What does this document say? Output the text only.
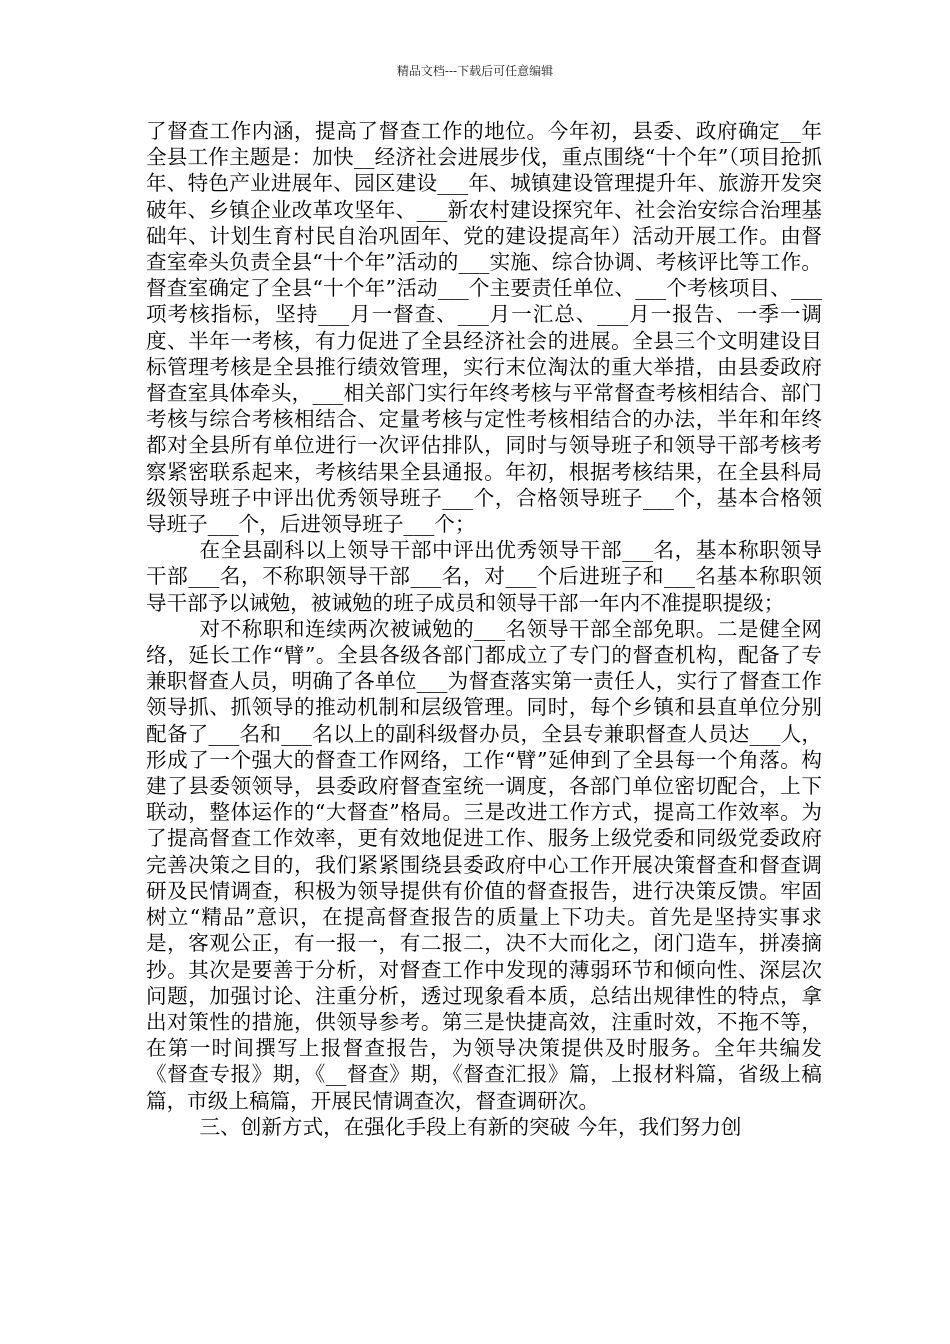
精品文档---下载后可任意编辑

了督查工作内涵，提高了督查工作的地位。今年初，县委、政府确定__年全县工作主题是：加快__经济社会进展步伐，重点围绕“十个年”（项目抢抓年、特色产业进展年、园区建设___年、城镇建设管理提升年、旅游开发突破年、乡镇企业改革攻坚年、___新农村建设探究年、社会治安综合治理基础年、计划生育村民自治巩固年、党的建设提高年）活动开展工作。由督查室牵头负责全县“十个年”活动的___实施、综合协调、考核评比等工作。督查室确定了全县“十个年”活动___个主要责任单位、___个考核项目、___项考核指标，坚持___月一督查、___月一汇总、___月一报告、一季一调度、半年一考核，有力促进了全县经济社会的进展。全县三个文明建设目标管理考核是全县推行绩效管理，实行末位淘汰的重大举措，由县委政府督查室具体牵头，___相关部门实行年终考核与平常督查考核相结合、部门考核与综合考核相结合、定量考核与定性考核相结合的办法，半年和年终都对全县所有单位进行一次评估排队，同时与领导班子和领导干部考核考察紧密联系起来，考核结果全县通报。年初，根据考核结果，在全县科局级领导班子中评出优秀领导班子___个，合格领导班子___个，基本合格领导班子___个，后进领导班子___个；

在全县副科以上领导干部中评出优秀领导干部___名，基本称职领导干部___名，不称职领导干部___名，对___个后进班子和___名基本称职领导干部予以诫勉，被诫勉的班子成员和领导干部一年内不准提职提级；

对不称职和连续两次被诫勉的___名领导干部全部免职。二是健全网络，延长工作“臂”。全县各级各部门都成立了专门的督查机构，配备了专兼职督查人员，明确了各单位___为督查落实第一责任人，实行了督查工作领导抓、抓领导的推动机制和层级管理。同时，每个乡镇和县直单位分别配备了___名和___名以上的副科级督办员，全县专兼职督查人员达___人，形成了一个强大的督查工作网络，工作“臂”延伸到了全县每一个角落。构建了县委领领导，县委政府督查室统一调度，各部门单位密切配合，上下联动，整体运作的“大督查”格局。三是改进工作方式，提高工作效率。为了提高督查工作效率，更有效地促进工作、服务上级党委和同级党委政府完善决策之目的，我们紧紧围绕县委政府中心工作开展决策督查和督查调研及民情调查，积极为领导提供有价值的督查报告，进行决策反馈。牢固树立“精品”意识，在提高督查报告的质量上下功夫。首先是坚持实事求是，客观公正，有一报一，有二报二，决不大而化之，闭门造车，拼凑摘抄。其次是要善于分析，对督查工作中发现的薄弱环节和倾向性、深层次问题，加强讨论、注重分析，透过现象看本质，总结出规律性的特点，拿出对策性的措施，供领导参考。第三是快捷高效，注重时效，不拖不等，在第一时间撰写上报督查报告，为领导决策提供及时服务。全年共编发《督查专报》期，《__督查》期，《督查汇报》篇，上报材料篇，省级上稿篇，市级上稿篇，开展民情调查次，督查调研次。

三、创新方式，在强化手段上有新的突破 今年，我们努力创
